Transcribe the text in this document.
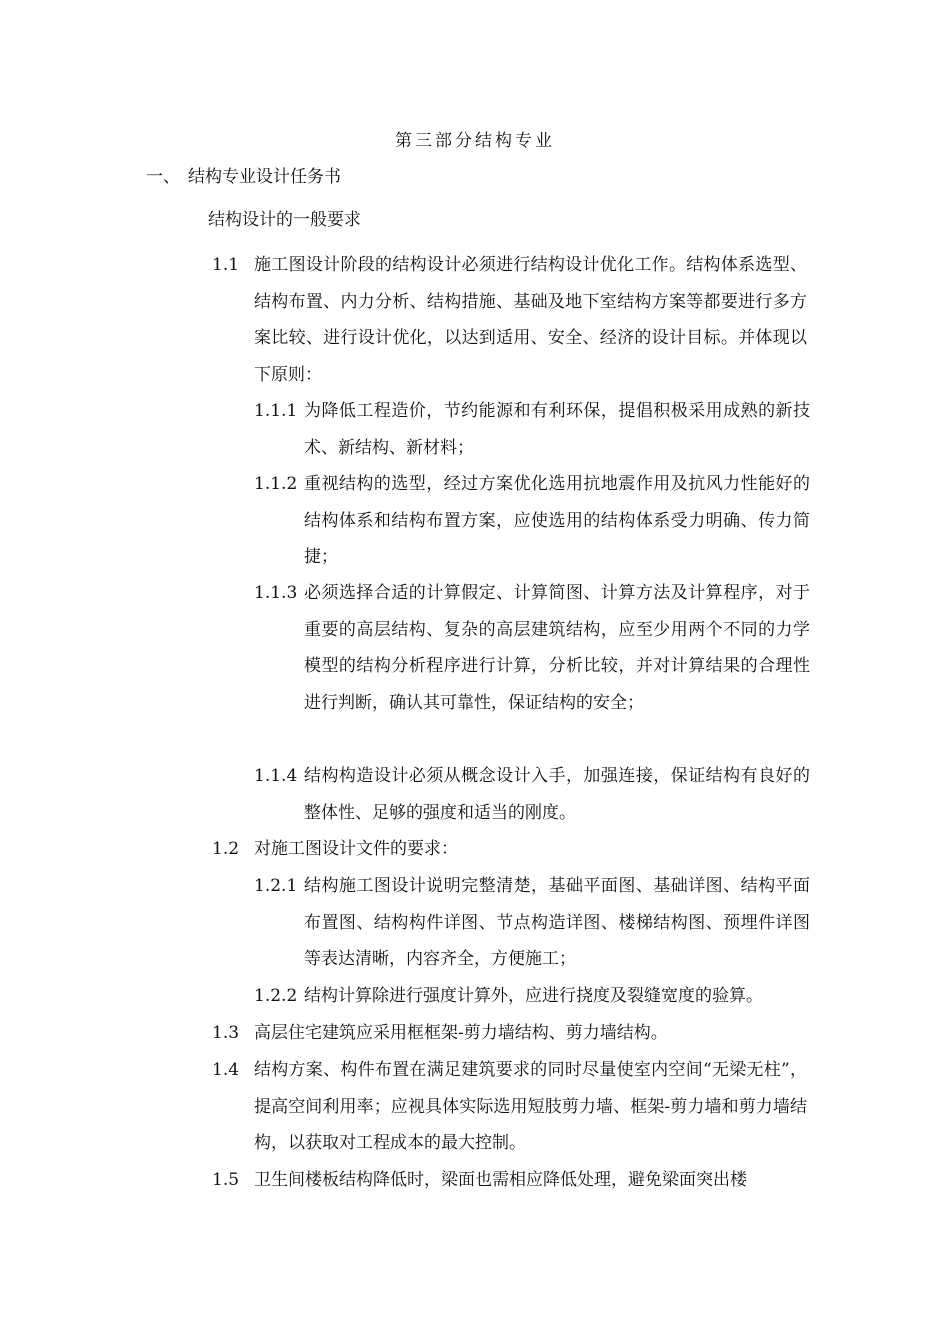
第三部分结构专业
一、 结构专业设计任务书
结构设计的一般要求
1.1 施工图设计阶段的结构设计必须进行结构设计优化工作。结构体系选型、结构布置、内力分析、结构措施、基础及地下室结构方案等都要进行多方案比较、进行设计优化，以达到适用、安全、经济的设计目标。并体现以下原则：
1.1.1 为降低工程造价，节约能源和有利环保，提倡积极采用成熟的新技术、新结构、新材料；
1.1.2 重视结构的选型，经过方案优化选用抗地震作用及抗风力性能好的结构体系和结构布置方案，应使选用的结构体系受力明确、传力简捷；
1.1.3 必须选择合适的计算假定、计算简图、计算方法及计算程序，对于重要的高层结构、复杂的高层建筑结构，应至少用两个不同的力学模型的结构分析程序进行计算，分析比较，并对计算结果的合理性进行判断，确认其可靠性，保证结构的安全；
1.1.4 结构构造设计必须从概念设计入手，加强连接，保证结构有良好的整体性、足够的强度和适当的刚度。
1.2 对施工图设计文件的要求：
1.2.1 结构施工图设计说明完整清楚，基础平面图、基础详图、结构平面布置图、结构构件详图、节点构造详图、楼梯结构图、预埋件详图等表达清晰，内容齐全，方便施工；
1.2.2 结构计算除进行强度计算外，应进行挠度及裂缝宽度的验算。
1.3 高层住宅建筑应采用框框架-剪力墙结构、剪力墙结构。
1.4 结构方案、构件布置在满足建筑要求的同时尽量使室内空间“无梁无柱”，提高空间利用率；应视具体实际选用短肢剪力墙、框架-剪力墙和剪力墙结构，以获取对工程成本的最大控制。
1.5 卫生间楼板结构降低时，梁面也需相应降低处理，避免梁面突出楼
